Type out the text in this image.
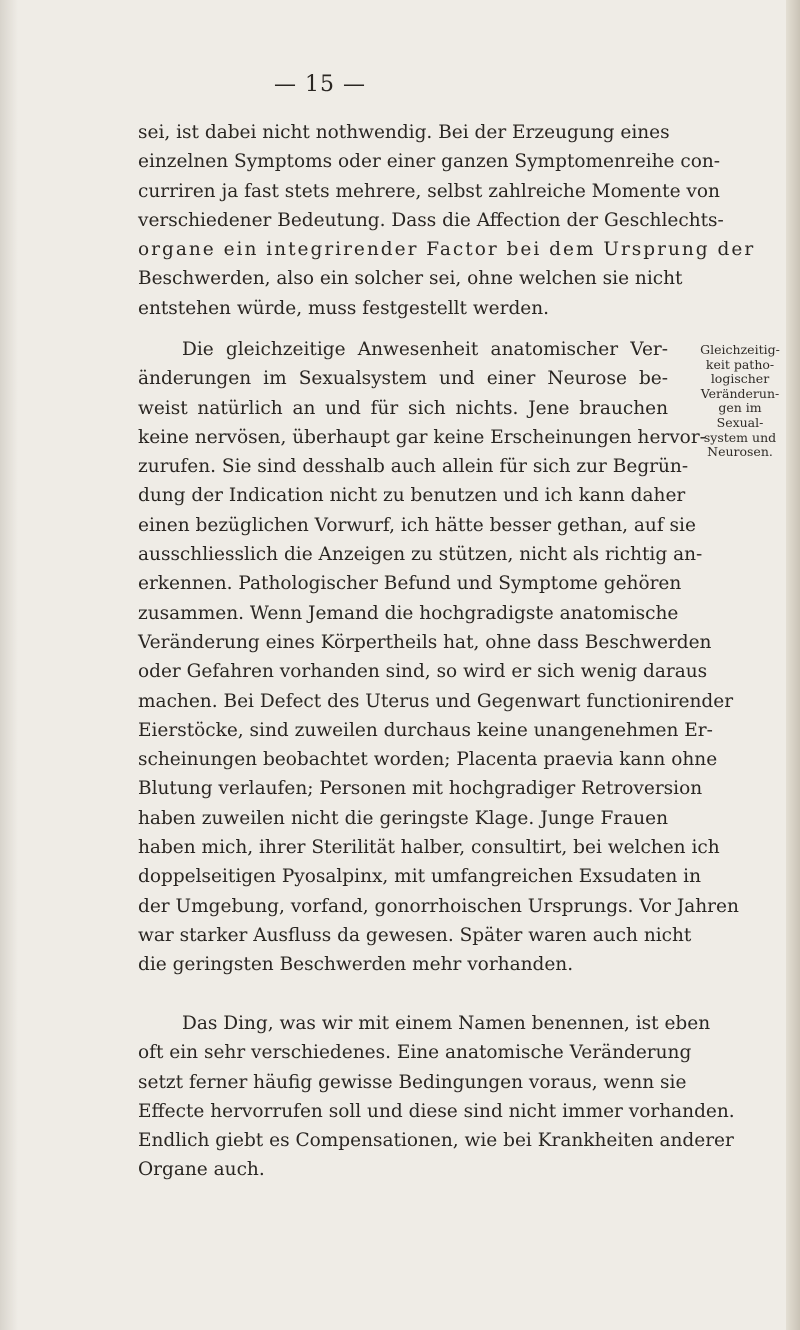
— 15 —
sei, ist dabei nicht nothwendig. Bei der Erzeugung eines
einzelnen Symptoms oder einer ganzen Symptomenreihe con-
curriren ja fast stets mehrere, selbst zahlreiche Momente von
verschiedener Bedeutung. Dass die Affection der Geschlechts-
organe ein integrirender Factor bei dem Ursprung der
Beschwerden, also ein solcher sei, ohne welchen sie nicht
entstehen würde, muss festgestellt werden.
Die gleichzeitige Anwesenheit anatomischer Ver-
änderungen im Sexualsystem und einer Neurose be-
weist natürlich an und für sich nichts. Jene brauchen
keine nervösen, überhaupt gar keine Erscheinungen hervor-
zurufen. Sie sind desshalb auch allein für sich zur Begrün-
dung der Indication nicht zu benutzen und ich kann daher
einen bezüglichen Vorwurf, ich hätte besser gethan, auf sie
ausschliesslich die Anzeigen zu stützen, nicht als richtig an-
erkennen. Pathologischer Befund und Symptome gehören
zusammen. Wenn Jemand die hochgradigste anatomische
Veränderung eines Körpertheils hat, ohne dass Beschwerden
oder Gefahren vorhanden sind, so wird er sich wenig daraus
machen. Bei Defect des Uterus und Gegenwart functionirender
Eierstöcke, sind zuweilen durchaus keine unangenehmen Er-
scheinungen beobachtet worden; Placenta praevia kann ohne
Blutung verlaufen; Personen mit hochgradiger Retroversion
haben zuweilen nicht die geringste Klage. Junge Frauen
haben mich, ihrer Sterilität halber, consultirt, bei welchen ich
doppelseitigen Pyosalpinx, mit umfangreichen Exsudaten in
der Umgebung, vorfand, gonorrhoischen Ursprungs. Vor Jahren
war starker Ausfluss da gewesen. Später waren auch nicht
die geringsten Beschwerden mehr vorhanden.
Das Ding, was wir mit einem Namen benennen, ist eben
oft ein sehr verschiedenes. Eine anatomische Veränderung
setzt ferner häufig gewisse Bedingungen voraus, wenn sie
Effecte hervorrufen soll und diese sind nicht immer vorhanden.
Endlich giebt es Compensationen, wie bei Krankheiten anderer
Organe auch.
Gleichzeitig-
keit patho-
logischer
Veränderun-
gen im
Sexual-
system und
Neurosen.
